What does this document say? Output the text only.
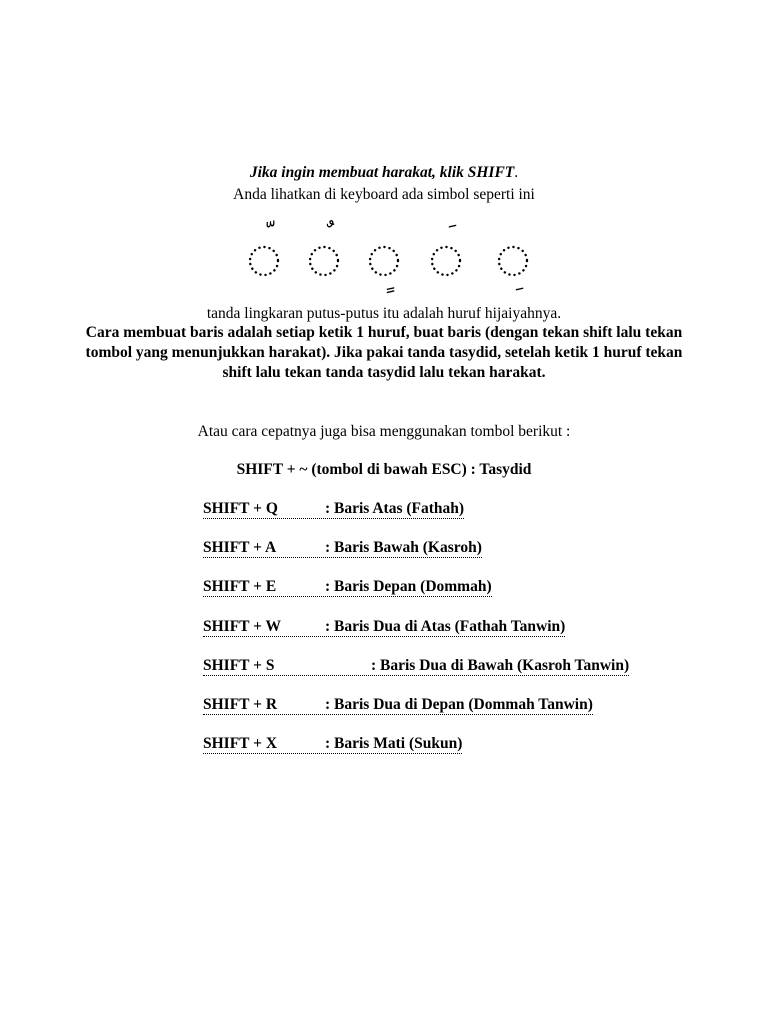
Jika ingin membuat harakat, klik SHIFT.
Anda lihatkan di keyboard ada simbol seperti ini
tanda lingkaran putus-putus itu adalah huruf hijaiyahnya.
Cara membuat baris adalah setiap ketik 1 huruf, buat baris (dengan tekan shift lalu tekan tombol yang menunjukkan harakat). Jika pakai tanda tasydid, setelah ketik 1 huruf tekan shift lalu tekan tanda tasydid lalu tekan harakat.
Atau cara cepatnya juga bisa menggunakan tombol berikut :
SHIFT + ~ (tombol di bawah ESC) : Tasydid
SHIFT + Q	: Baris Atas (Fathah)
SHIFT + A	: Baris Bawah (Kasroh)
SHIFT + E	: Baris Depan (Dommah)
SHIFT + W	: Baris Dua di Atas (Fathah Tanwin)
SHIFT + S	: Baris Dua di Bawah (Kasroh Tanwin)
SHIFT + R	: Baris Dua di Depan (Dommah Tanwin)
SHIFT + X	: Baris Mati (Sukun)
